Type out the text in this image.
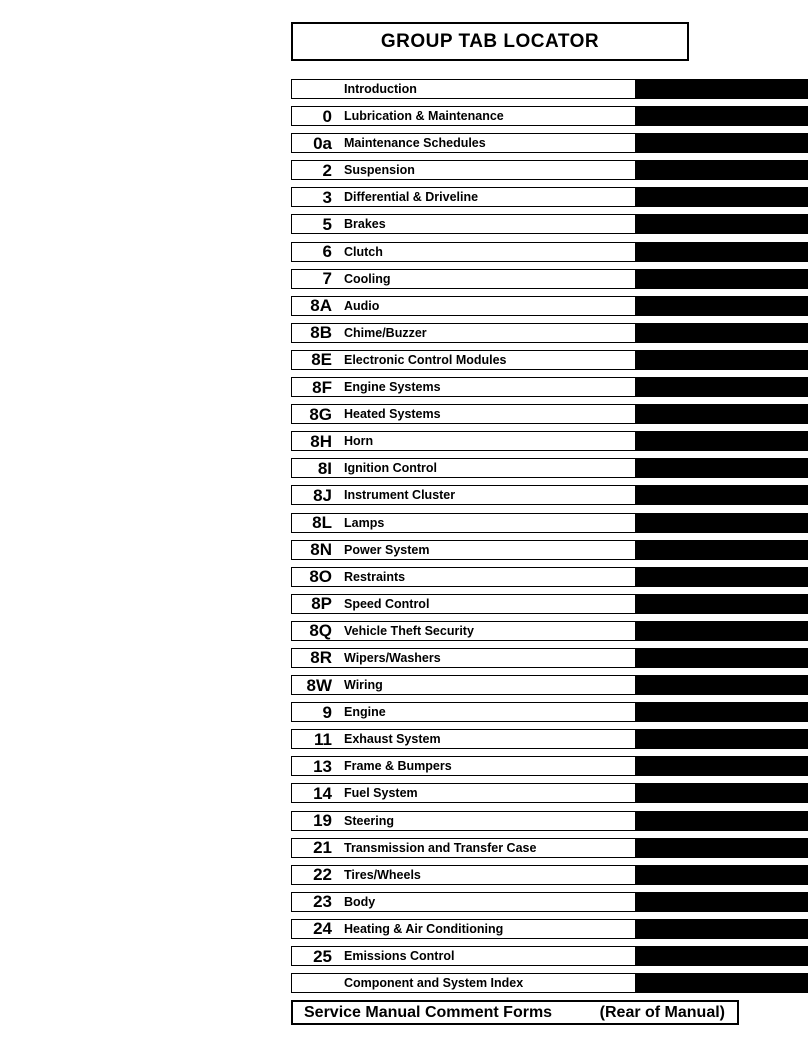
GROUP TAB LOCATOR
Introduction
0 Lubrication & Maintenance
0a Maintenance Schedules
2 Suspension
3 Differential & Driveline
5 Brakes
6 Clutch
7 Cooling
8A Audio
8B Chime/Buzzer
8E Electronic Control Modules
8F Engine Systems
8G Heated Systems
8H Horn
8I Ignition Control
8J Instrument Cluster
8L Lamps
8N Power System
8O Restraints
8P Speed Control
8Q Vehicle Theft Security
8R Wipers/Washers
8W Wiring
9 Engine
11 Exhaust System
13 Frame & Bumpers
14 Fuel System
19 Steering
21 Transmission and Transfer Case
22 Tires/Wheels
23 Body
24 Heating & Air Conditioning
25 Emissions Control
Component and System Index
Service Manual Comment Forms	(Rear of Manual)
